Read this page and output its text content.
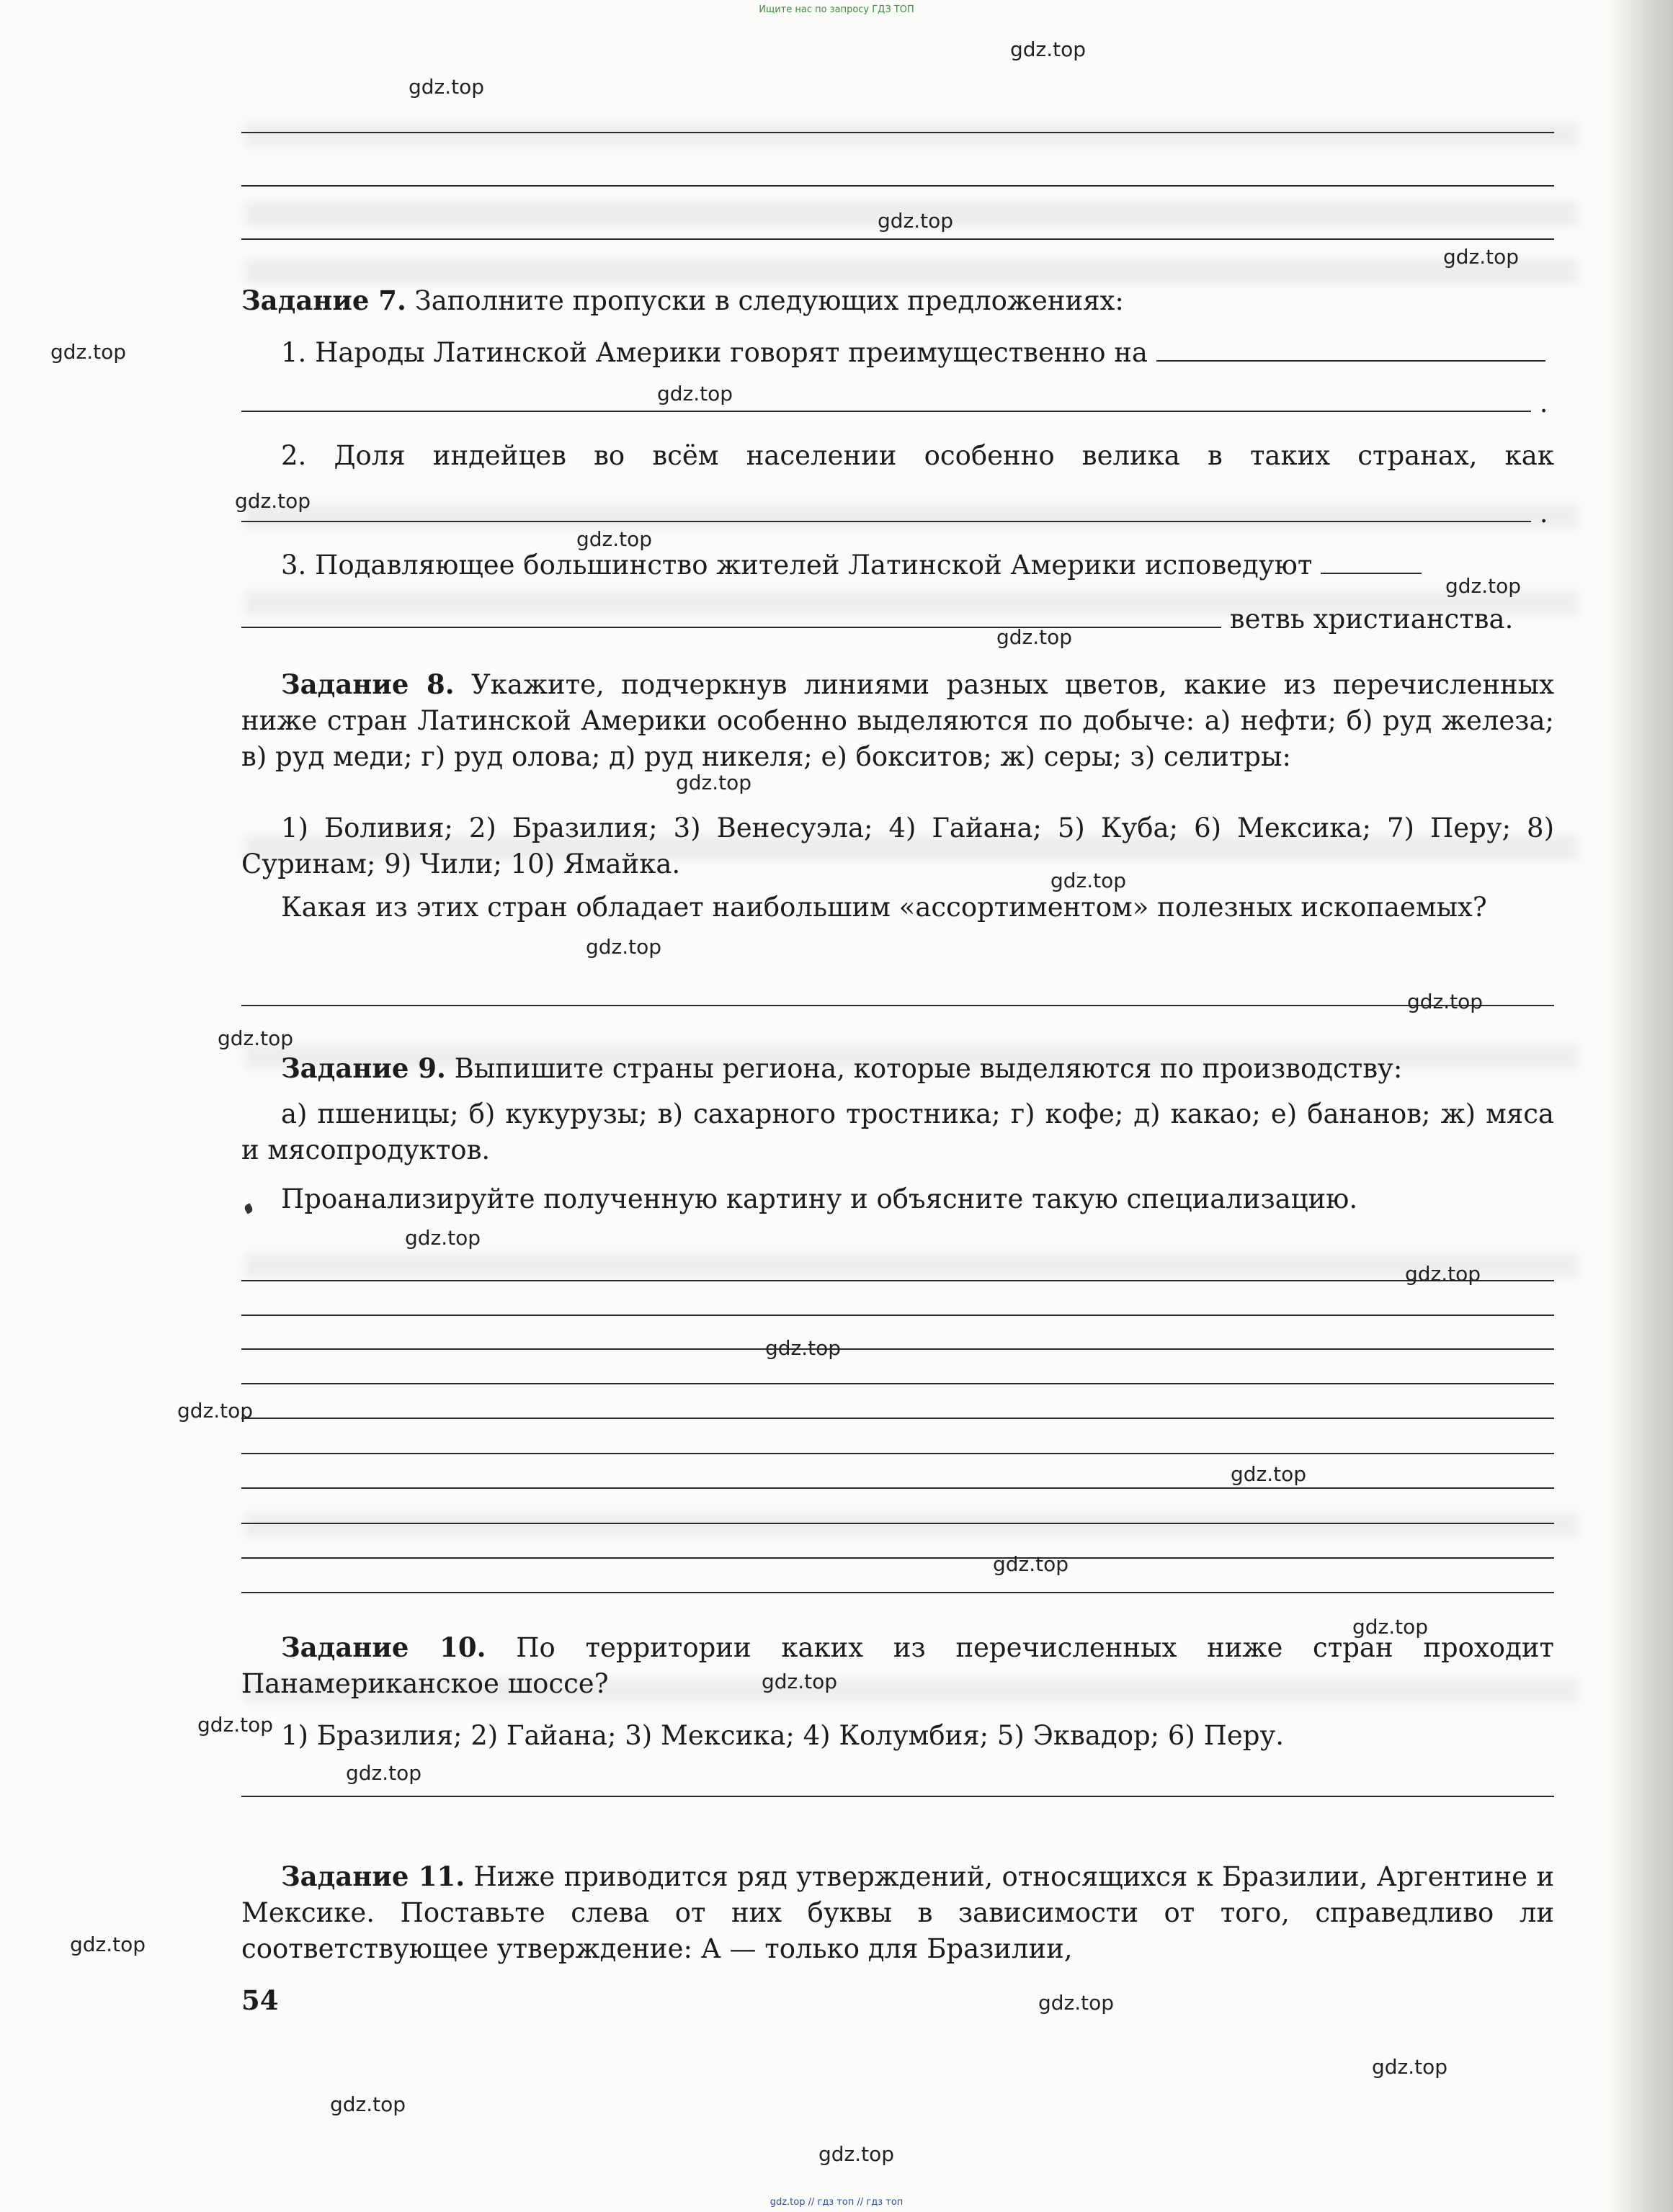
Ищите нас по запросу ГДЗ ТОП

Задание 7. Заполните пропуски в следующих предложениях:

1. Народы Латинской Америки говорят преимущественно на

.

2. Доля индейцев во всём населении особенно велика в таких странах, как

.

3. Подавляющее большинство жителей Латинской Америки исповедуют

ветвь христианства.

Задание 8. Укажите, подчеркнув линиями разных цветов, какие из перечисленных ниже стран Латинской Америки особенно выделяются по добыче: а) нефти; б) руд железа; в) руд меди; г) руд олова; д) руд никеля; е) бокситов; ж) серы; з) селитры:

1) Боливия; 2) Бразилия; 3) Венесуэла; 4) Гайана; 5) Куба; 6) Мексика; 7) Перу; 8) Суринам; 9) Чили; 10) Ямайка.

Какая из этих стран обладает наибольшим «ассортиментом» полезных ископаемых?

Задание 9. Выпишите страны региона, которые выделяются по производству:

а) пшеницы; б) кукурузы; в) сахарного тростника; г) кофе; д) какао; е) бананов; ж) мяса и мясопродуктов.

Проанализируйте полученную картину и объясните такую специализацию.

Задание 10. По территории каких из перечисленных ниже стран проходит Панамериканское шоссе?

1) Бразилия; 2) Гайана; 3) Мексика; 4) Колумбия; 5) Эквадор; 6) Перу.

Задание 11. Ниже приводится ряд утверждений, относящихся к Бразилии, Аргентине и Мексике. Поставьте слева от них буквы в зависимости от того, справедливо ли соответствующее утверждение: А — только для Бразилии,

54
gdz.top
gdz.top
gdz.top
gdz.top
gdz.top
gdz.top
gdz.top
gdz.top
gdz.top
gdz.top
gdz.top
gdz.top
gdz.top
gdz.top
gdz.top
gdz.top
gdz.top
gdz.top
gdz.top
gdz.top
gdz.top
gdz.top
gdz.top
gdz.top
gdz.top
gdz.top
gdz.top
gdz.top
gdz.top
gdz.top
gdz.top // гдз топ // гдз топ
